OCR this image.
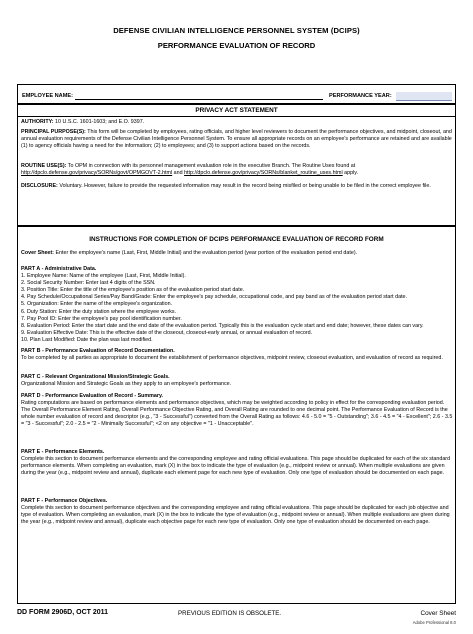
DEFENSE CIVILIAN INTELLIGENCE PERSONNEL SYSTEM (DCIPS)
PERFORMANCE EVALUATION OF RECORD
EMPLOYEE NAME:	PERFORMANCE YEAR:
PRIVACY ACT STATEMENT
AUTHORITY: 10 U.S.C. 1601-1603; and E.O. 9397.
PRINCIPAL PURPOSE(S): This form will be completed by employees, rating officials, and higher level reviewers to document the performance objectives, and midpoint, closeout, and annual evaluation requirements of the Defense Civilian Intelligence Personnel System. To ensure all appropriate records on an employee's performance are retained and are available (1) to agency officials having a need for the information; (2) to employees; and (3) to support actions based on the records.
ROUTINE USE(S): To OPM in connection with its personnel management evaluation role in the executive Branch. The Routine Uses found at http://dpclo.defense.gov/privacy/SORNs/govt/OPMGOVT-2.html and http://dpclo.defense.gov/privacy/SORNs/blanket_routine_uses.html apply.
DISCLOSURE: Voluntary. However, failure to provide the requested information may result in the record being misfiled or being unable to be filed in the correct employee file.
INSTRUCTIONS FOR COMPLETION OF DCIPS PERFORMANCE EVALUATION OF RECORD FORM
Cover Sheet: Enter the employee's name (Last, First, Middle Initial) and the evaluation period (year portion of the evaluation period end date).
PART A - Administrative Data.
1. Employee Name: Name of the employee (Last, First, Middle Initial).
2. Social Security Number: Enter last 4 digits of the SSN.
3. Position Title: Enter the title of the employee's position as of the evaluation period start date.
4. Pay Schedule/Occupational Series/Pay Band/Grade: Enter the employee's pay schedule, occupational code, and pay band as of the evaluation period start date.
5. Organization: Enter the name of the employee's organization.
6. Duty Station: Enter the duty station where the employee works.
7. Pay Pool ID: Enter the employee's pay pool identification number.
8. Evaluation Period: Enter the start date and the end date of the evaluation period. Typically this is the evaluation cycle start and end date; however, these dates can vary.
9. Evaluation Effective Date: This is the effective date of the closeout, closeout-early annual, or annual evaluation of record.
10. Plan Last Modified: Date the plan was last modified.
PART B - Performance Evaluation of Record Documentation.
To be completed by all parties as appropriate to document the establishment of performance objectives, midpoint review, closeout evaluation, and evaluation of record as required.
PART C - Relevant Organizational Mission/Strategic Goals.
Organizational Mission and Strategic Goals as they apply to an employee's performance.
PART D - Performance Evaluation of Record - Summary.
Rating computations are based on performance elements and performance objectives, which may be weighted according to policy in effect for the corresponding evaluation period. The Overall Performance Element Rating, Overall Performance Objective Rating, and Overall Rating are rounded to one decimal point. The Performance Evaluation of Record is the whole number evaluation of record and descriptor (e.g., "3 - Successful") converted from the Overall Rating as follows: 4.6 - 5.0 = "5 - Outstanding"; 3.6 - 4.5 = "4 - Excellent"; 2.6 - 3.5 = "3 - Successful"; 2.0 - 2.5 = "2 - Minimally Successful"; <2 on any objective = "1 - Unacceptable".
PART E - Performance Elements.
Complete this section to document performance elements and the corresponding employee and rating official evaluations. This page should be duplicated for each of the six standard performance elements. When completing an evaluation, mark (X) in the box to indicate the type of evaluation (e.g., midpoint review or annual). When multiple evaluations are given during the year (e.g., midpoint review and annual), duplicate each element page for each new type of evaluation. Only one type of evaluation should be documented on each page.
PART F - Performance Objectives.
Complete this section to document performance objectives and the corresponding employee and rating official evaluations. This page should be duplicated for each job objective and type of evaluation. When completing an evaluation, mark (X) in the box to indicate the type of evaluation (e.g., midpoint review or annual). When multiple evaluations are given during the year (e.g., midpoint review and annual), duplicate each objective page for each new type of evaluation. Only one type of evaluation should be documented on each page.
DD FORM 2906D, OCT 2011	PREVIOUS EDITION IS OBSOLETE.	Cover Sheet
Adobe Professional 8.0
